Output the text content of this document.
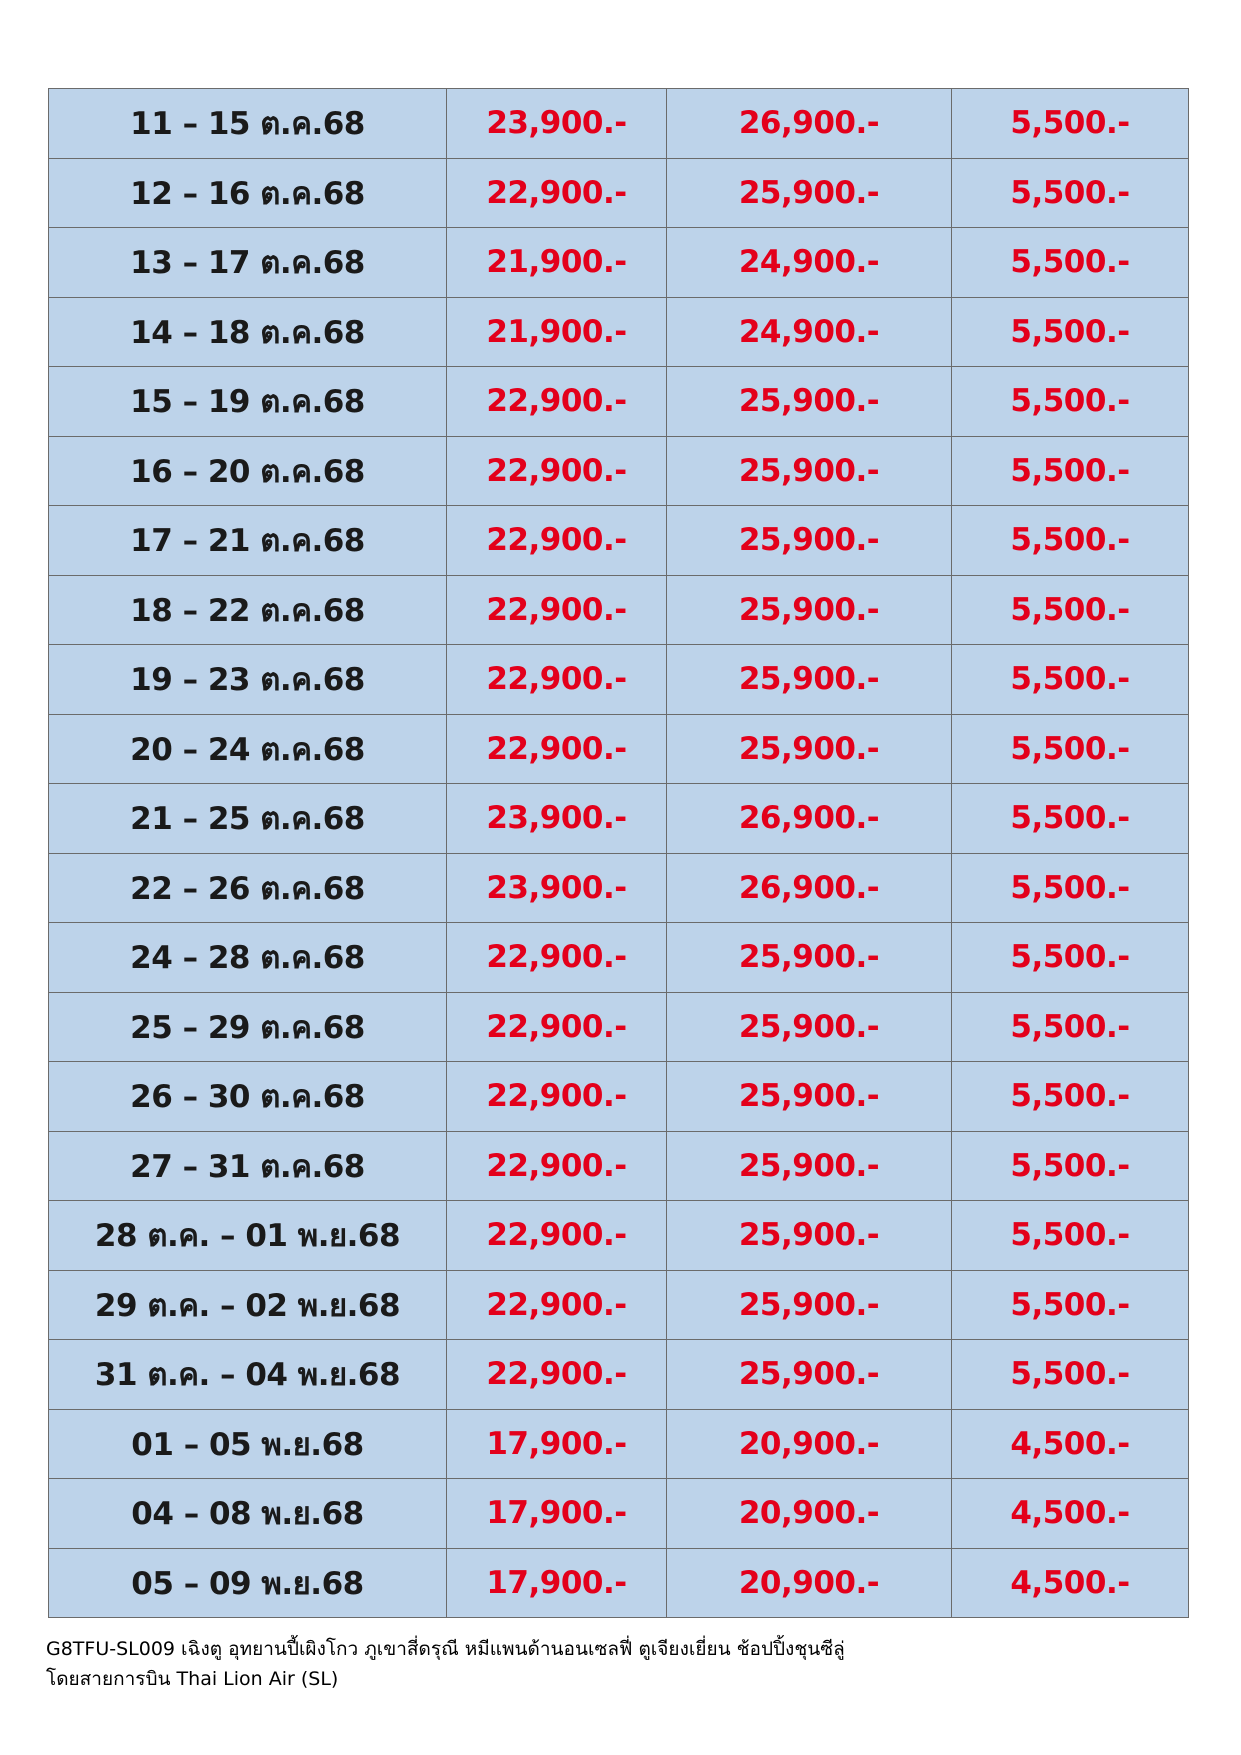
11 – 15 ต.ค.68	23,900.-	26,900.-	5,500.-
12 – 16 ต.ค.68	22,900.-	25,900.-	5,500.-
13 – 17 ต.ค.68	21,900.-	24,900.-	5,500.-
14 – 18 ต.ค.68	21,900.-	24,900.-	5,500.-
15 – 19 ต.ค.68	22,900.-	25,900.-	5,500.-
16 – 20 ต.ค.68	22,900.-	25,900.-	5,500.-
17 – 21 ต.ค.68	22,900.-	25,900.-	5,500.-
18 – 22 ต.ค.68	22,900.-	25,900.-	5,500.-
19 – 23 ต.ค.68	22,900.-	25,900.-	5,500.-
20 – 24 ต.ค.68	22,900.-	25,900.-	5,500.-
21 – 25 ต.ค.68	23,900.-	26,900.-	5,500.-
22 – 26 ต.ค.68	23,900.-	26,900.-	5,500.-
24 – 28 ต.ค.68	22,900.-	25,900.-	5,500.-
25 – 29 ต.ค.68	22,900.-	25,900.-	5,500.-
26 – 30 ต.ค.68	22,900.-	25,900.-	5,500.-
27 – 31 ต.ค.68	22,900.-	25,900.-	5,500.-
28 ต.ค. – 01 พ.ย.68	22,900.-	25,900.-	5,500.-
29 ต.ค. – 02 พ.ย.68	22,900.-	25,900.-	5,500.-
31 ต.ค. – 04 พ.ย.68	22,900.-	25,900.-	5,500.-
01 – 05 พ.ย.68	17,900.-	20,900.-	4,500.-
04 – 08 พ.ย.68	17,900.-	20,900.-	4,500.-
05 – 09 พ.ย.68	17,900.-	20,900.-	4,500.-
G8TFU-SL009 เฉิงตู อุทยานปี้เผิงโกว ภูเขาสี่ดรุณี หมีแพนด้านอนเซลฟี่ ตูเจียงเยี่ยน ช้อปปิ้งชุนซีลู่
โดยสายการบิน Thai Lion Air (SL)
